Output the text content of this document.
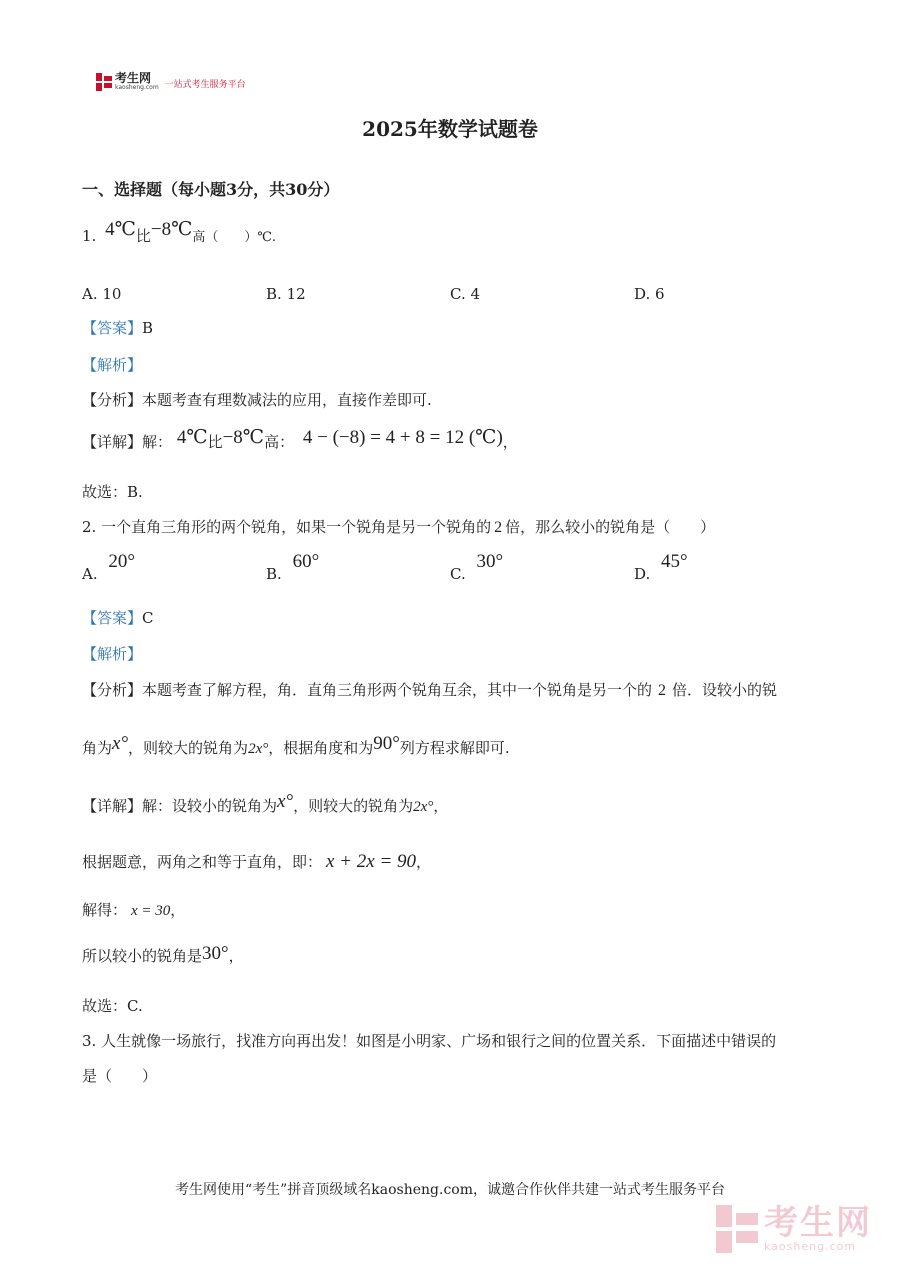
考生网
kaosheng.com 一站式考生服务平台
2025年数学试题卷
一、选择题（每小题3分，共30分）
1. 4℃比−8℃高（　　）℃.
A. 10	B. 12	C. 4	D. 6
【答案】B
【解析】
【分析】本题考查有理数减法的应用，直接作差即可.
【详解】解： 4℃比−8℃高： 4 − (−8) = 4 + 8 = 12 (℃)，
故选：B.
2. 一个直角三角形的两个锐角，如果一个锐角是另一个锐角的 2 倍，那么较小的锐角是（　　）
A. 20°
B. 60°
C. 30°
D. 45°
【答案】C
【解析】
【分析】本题考查了解方程，角．直角三角形两个锐角互余，其中一个锐角是另一个的 2 倍．设较小的锐
角为x°，则较大的锐角为2x°，根据角度和为90°列方程求解即可.
【详解】解：设较小的锐角为x°，则较大的锐角为2x°，
根据题意，两角之和等于直角，即： x + 2x = 90，
解得： x = 30，
所以较小的锐角是30°，
故选：C.
3. 人生就像一场旅行，找准方向再出发！如图是小明家、广场和银行之间的位置关系．下面描述中错误的
是（　　）
考生网使用“考生”拼音顶级域名kaosheng.com，诚邀合作伙伴共建一站式考生服务平台
考生网
kaosheng.com
